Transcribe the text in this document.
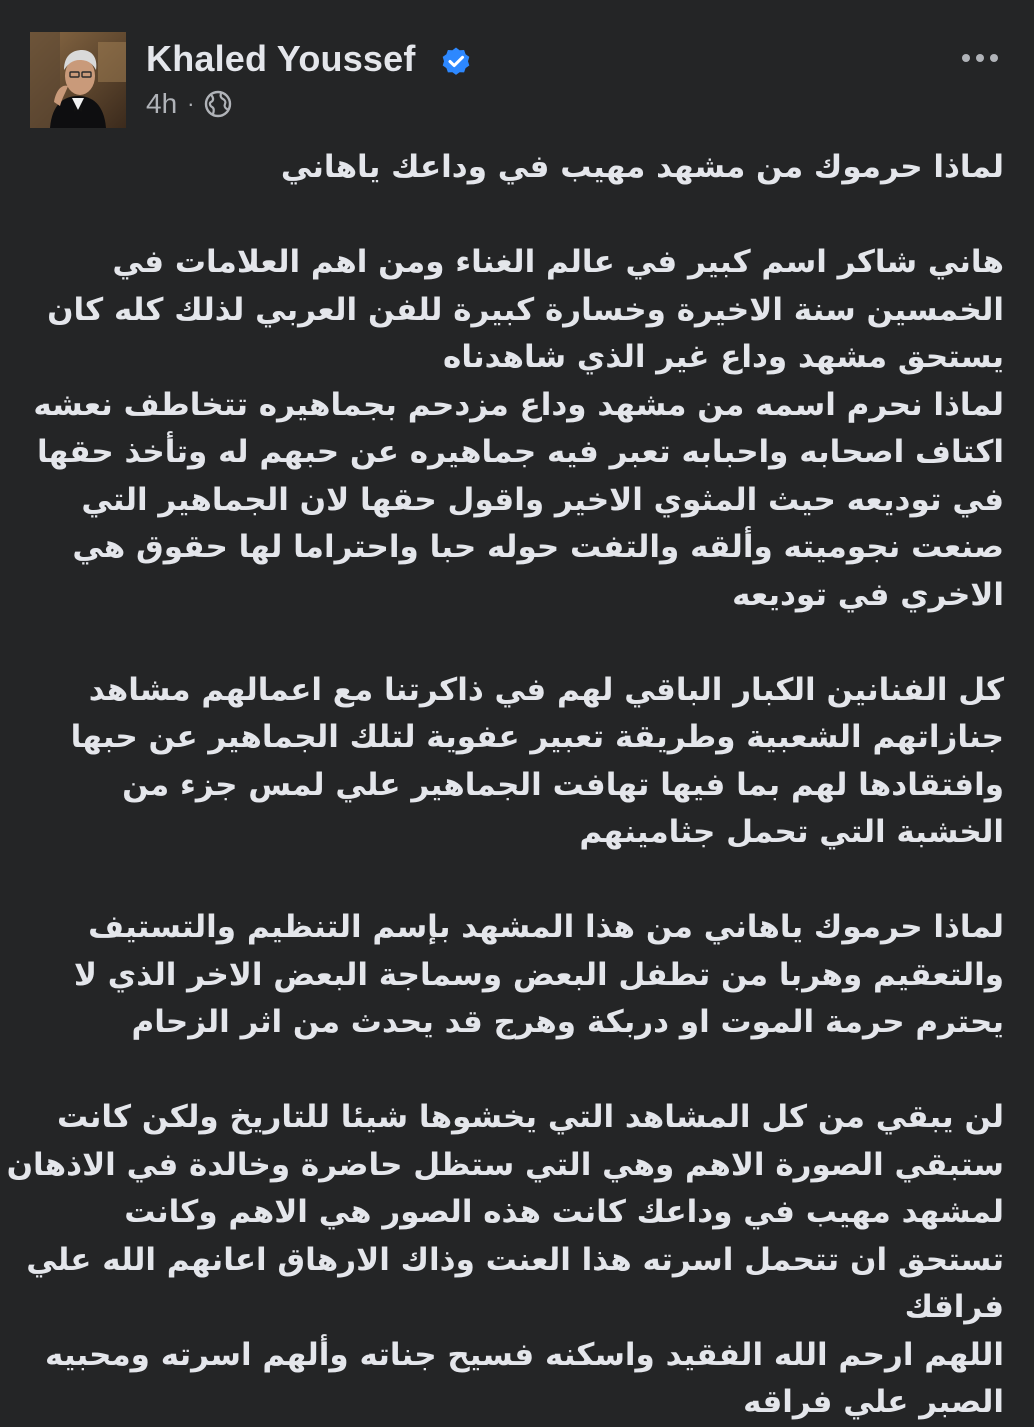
Khaled Youssef
4h ·

لماذا حرموك من مشهد مهيب في وداعك ياهاني

هاني شاكر اسم كبير في عالم الغناء ومن اهم العلامات في
الخمسين سنة الاخيرة وخسارة كبيرة للفن العربي لذلك كله كان
يستحق مشهد وداع غير الذي شاهدناه
لماذا نحرم اسمه من مشهد وداع مزدحم بجماهيره تتخاطف نعشه
اكتاف اصحابه واحبابه تعبر فيه جماهيره عن حبهم له وتأخذ حقها
في توديعه حيث المثوي الاخير واقول حقها لان الجماهير التي
صنعت نجوميته وألقه والتفت حوله حبا واحتراما لها حقوق هي
الاخري في توديعه

كل الفنانين الكبار الباقي لهم في ذاكرتنا مع اعمالهم مشاهد
جنازاتهم الشعبية وطريقة تعبير عفوية لتلك الجماهير عن حبها
وافتقادها لهم بما فيها تهافت الجماهير علي لمس جزء من
الخشبة التي تحمل جثامينهم

لماذا حرموك ياهاني من هذا المشهد بإسم التنظيم والتستيف
والتعقيم وهربا من تطفل البعض وسماجة البعض الاخر الذي لا
يحترم حرمة الموت او دربكة وهرج قد يحدث من اثر الزحام

لن يبقي من كل المشاهد التي يخشوها شيئا للتاريخ ولكن كانت
ستبقي الصورة الاهم وهي التي ستظل حاضرة وخالدة في الاذهان
لمشهد مهيب في وداعك كانت هذه الصور هي الاهم وكانت
تستحق ان تتحمل اسرته هذا العنت وذاك الارهاق اعانهم الله علي
فراقك
اللهم ارحم الله الفقيد واسكنه فسيح جناته وألهم اسرته ومحبيه
الصبر علي فراقه
